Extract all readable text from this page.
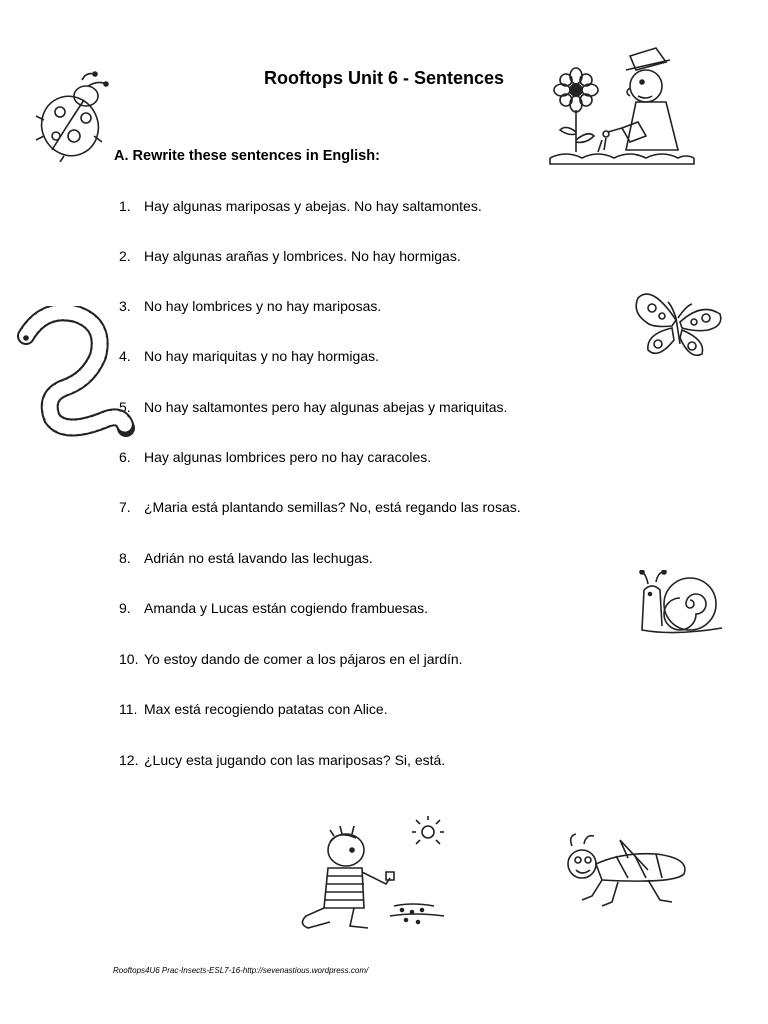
Rooftops Unit 6 - Sentences

A. Rewrite these sentences in English:

1. Hay algunas mariposas y abejas. No hay saltamontes.
2. Hay algunas arañas y lombrices. No hay hormigas.
3. No hay lombrices y no hay mariposas.
4. No hay mariquitas y no hay hormigas.
5. No hay saltamontes pero hay algunas abejas y mariquitas.
6. Hay algunas lombrices pero no hay caracoles.
7. ¿Maria está plantando semillas? No, está regando las rosas.
8. Adrián no está lavando las lechugas.
9. Amanda y Lucas están cogiendo frambuesas.
10. Yo estoy dando de comer a los pájaros en el jardín.
11. Max está recogiendo patatas con Alice.
12. ¿Lucy esta jugando con las mariposas? Si, está.
Rooftops4U6 Prac-Insects-ESL7-16-http://sevenastious.wordpress.com/
